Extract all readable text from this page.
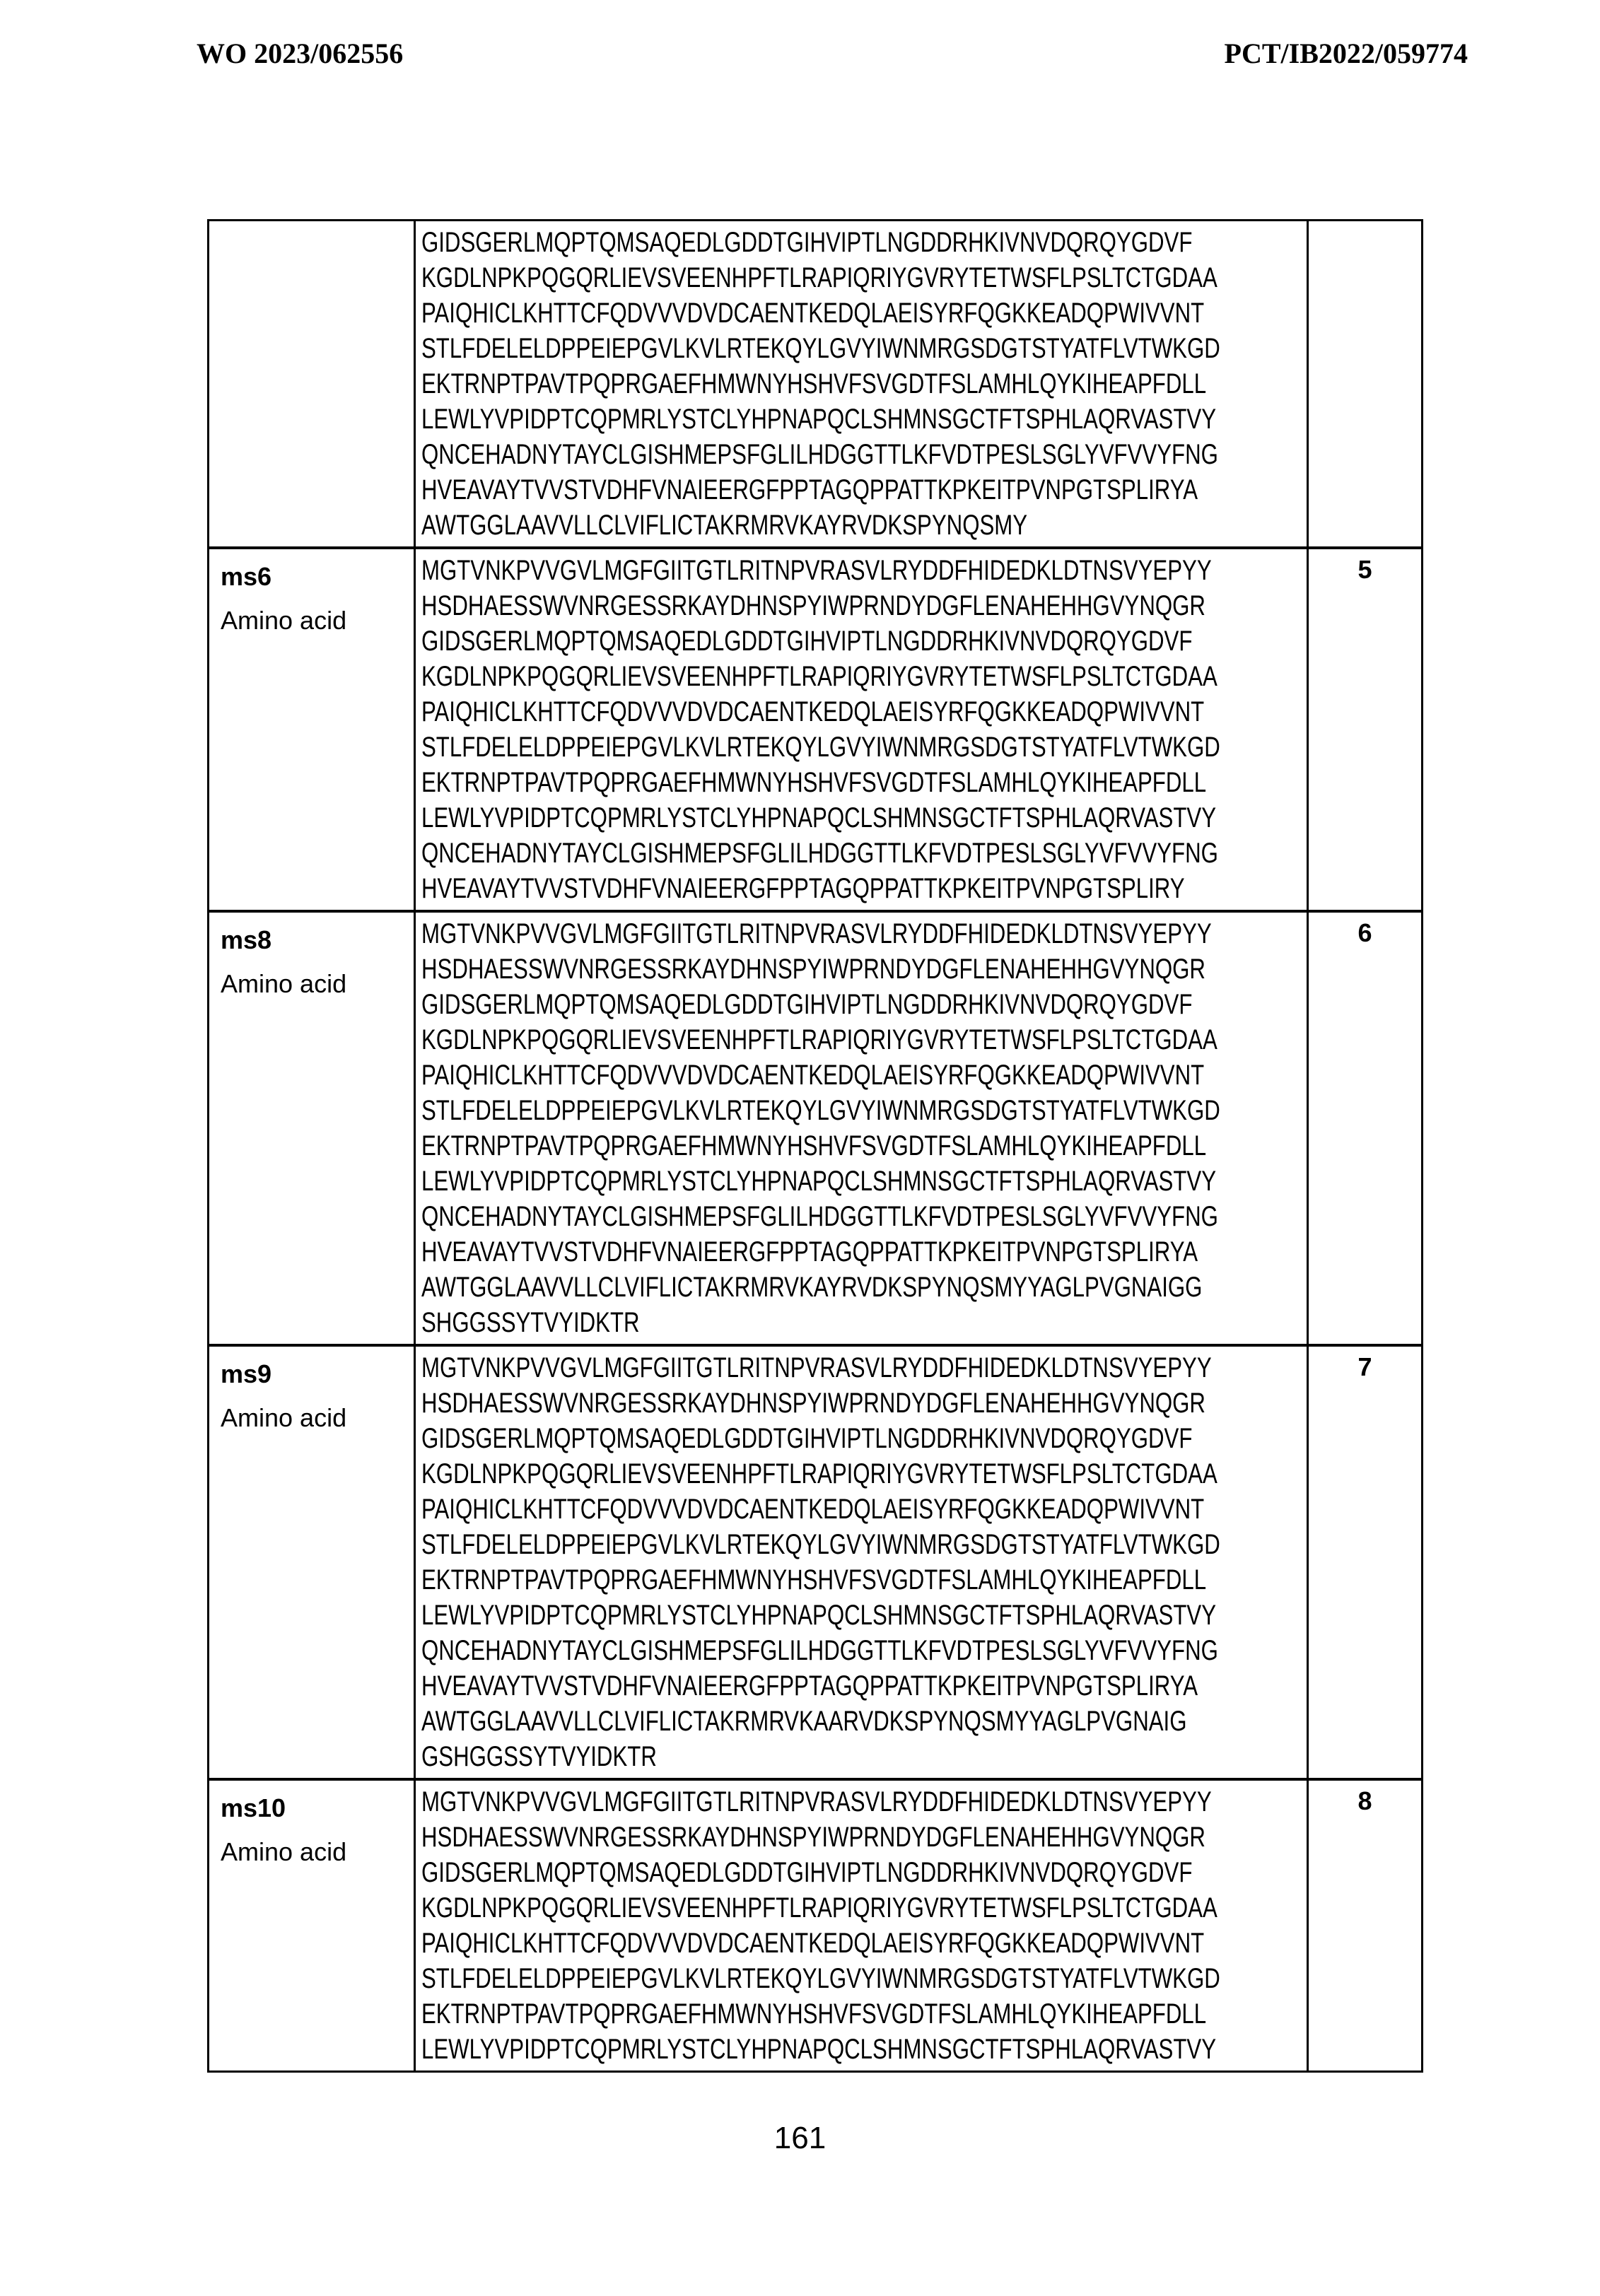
WO 2023/062556	PCT/IB2022/059774
GIDSGERLMQPTQMSAQEDLGDDTGIHVIPTLNGDDRHKIVNVDQRQYGDVF
KGDLNPKPQGQRLIEVSVEENHPFTLRAPIQRIYGVRYTETWSFLPSLTCTGDAA
PAIQHICLKHTTCFQDVVVDVDCAENTKEDQLAEISYRFQGKKEADQPWIVVNT
STLFDELELDPPEIEPGVLKVLRTEKQYLGVYIWNMRGSDGTSTYATFLVTWKGD
EKTRNPTPAVTPQPRGAEFHMWNYHSHVFSVGDTFSLAMHLQYKIHEAPFDLL
LEWLYVPIDPTCQPMRLYSTCLYHPNAPQCLSHMNSGCTFTSPHLAQRVASTVY
QNCEHADNYTAYCLGISHMEPSFGLILHDGGTTLKFVDTPESLSGLYVFVVYFNG
HVEAVAYTVVSTVDHFVNAIEERGFPPTAGQPPATTKPKEITPVNPGTSPLIRYA
AWTGGLAAVVLLCLVIFLICTAKRMRVKAYRVDKSPYNQSMY
ms6
Amino acid
MGTVNKPVVGVLMGFGIITGTLRITNPVRASVLRYDDFHIDEDKLDTNSVYEPYY
HSDHAESSWVNRGESSRKAYDHNSPYIWPRNDYDGFLENAHEHHGVYNQGR
GIDSGERLMQPTQMSAQEDLGDDTGIHVIPTLNGDDRHKIVNVDQRQYGDVF
KGDLNPKPQGQRLIEVSVEENHPFTLRAPIQRIYGVRYTETWSFLPSLTCTGDAA
PAIQHICLKHTTCFQDVVVDVDCAENTKEDQLAEISYRFQGKKEADQPWIVVNT
STLFDELELDPPEIEPGVLKVLRTEKQYLGVYIWNMRGSDGTSTYATFLVTWKGD
EKTRNPTPAVTPQPRGAEFHMWNYHSHVFSVGDTFSLAMHLQYKIHEAPFDLL
LEWLYVPIDPTCQPMRLYSTCLYHPNAPQCLSHMNSGCTFTSPHLAQRVASTVY
QNCEHADNYTAYCLGISHMEPSFGLILHDGGTTLKFVDTPESLSGLYVFVVYFNG
HVEAVAYTVVSTVDHFVNAIEERGFPPTAGQPPATTKPKEITPVNPGTSPLIRY
5
ms8
Amino acid
MGTVNKPVVGVLMGFGIITGTLRITNPVRASVLRYDDFHIDEDKLDTNSVYEPYY
HSDHAESSWVNRGESSRKAYDHNSPYIWPRNDYDGFLENAHEHHGVYNQGR
GIDSGERLMQPTQMSAQEDLGDDTGIHVIPTLNGDDRHKIVNVDQRQYGDVF
KGDLNPKPQGQRLIEVSVEENHPFTLRAPIQRIYGVRYTETWSFLPSLTCTGDAA
PAIQHICLKHTTCFQDVVVDVDCAENTKEDQLAEISYRFQGKKEADQPWIVVNT
STLFDELELDPPEIEPGVLKVLRTEKQYLGVYIWNMRGSDGTSTYATFLVTWKGD
EKTRNPTPAVTPQPRGAEFHMWNYHSHVFSVGDTFSLAMHLQYKIHEAPFDLL
LEWLYVPIDPTCQPMRLYSTCLYHPNAPQCLSHMNSGCTFTSPHLAQRVASTVY
QNCEHADNYTAYCLGISHMEPSFGLILHDGGTTLKFVDTPESLSGLYVFVVYFNG
HVEAVAYTVVSTVDHFVNAIEERGFPPTAGQPPATTKPKEITPVNPGTSPLIRYA
AWTGGLAAVVLLCLVIFLICTAKRMRVKAYRVDKSPYNQSMYYAGLPVGNAIGG
SHGGSSYTVYIDKTR
6
ms9
Amino acid
MGTVNKPVVGVLMGFGIITGTLRITNPVRASVLRYDDFHIDEDKLDTNSVYEPYY
HSDHAESSWVNRGESSRKAYDHNSPYIWPRNDYDGFLENAHEHHGVYNQGR
GIDSGERLMQPTQMSAQEDLGDDTGIHVIPTLNGDDRHKIVNVDQRQYGDVF
KGDLNPKPQGQRLIEVSVEENHPFTLRAPIQRIYGVRYTETWSFLPSLTCTGDAA
PAIQHICLKHTTCFQDVVVDVDCAENTKEDQLAEISYRFQGKKEADQPWIVVNT
STLFDELELDPPEIEPGVLKVLRTEKQYLGVYIWNMRGSDGTSTYATFLVTWKGD
EKTRNPTPAVTPQPRGAEFHMWNYHSHVFSVGDTFSLAMHLQYKIHEAPFDLL
LEWLYVPIDPTCQPMRLYSTCLYHPNAPQCLSHMNSGCTFTSPHLAQRVASTVY
QNCEHADNYTAYCLGISHMEPSFGLILHDGGTTLKFVDTPESLSGLYVFVVYFNG
HVEAVAYTVVSTVDHFVNAIEERGFPPTAGQPPATTKPKEITPVNPGTSPLIRYA
AWTGGLAAVVLLCLVIFLICTAKRMRVKAARVDKSPYNQSMYYAGLPVGNAIG
GSHGGSSYTVYIDKTR
7
ms10
Amino acid
MGTVNKPVVGVLMGFGIITGTLRITNPVRASVLRYDDFHIDEDKLDTNSVYEPYY
HSDHAESSWVNRGESSRKAYDHNSPYIWPRNDYDGFLENAHEHHGVYNQGR
GIDSGERLMQPTQMSAQEDLGDDTGIHVIPTLNGDDRHKIVNVDQRQYGDVF
KGDLNPKPQGQRLIEVSVEENHPFTLRAPIQRIYGVRYTETWSFLPSLTCTGDAA
PAIQHICLKHTTCFQDVVVDVDCAENTKEDQLAEISYRFQGKKEADQPWIVVNT
STLFDELELDPPEIEPGVLKVLRTEKQYLGVYIWNMRGSDGTSTYATFLVTWKGD
EKTRNPTPAVTPQPRGAEFHMWNYHSHVFSVGDTFSLAMHLQYKIHEAPFDLL
LEWLYVPIDPTCQPMRLYSTCLYHPNAPQCLSHMNSGCTFTSPHLAQRVASTVY
8
161
